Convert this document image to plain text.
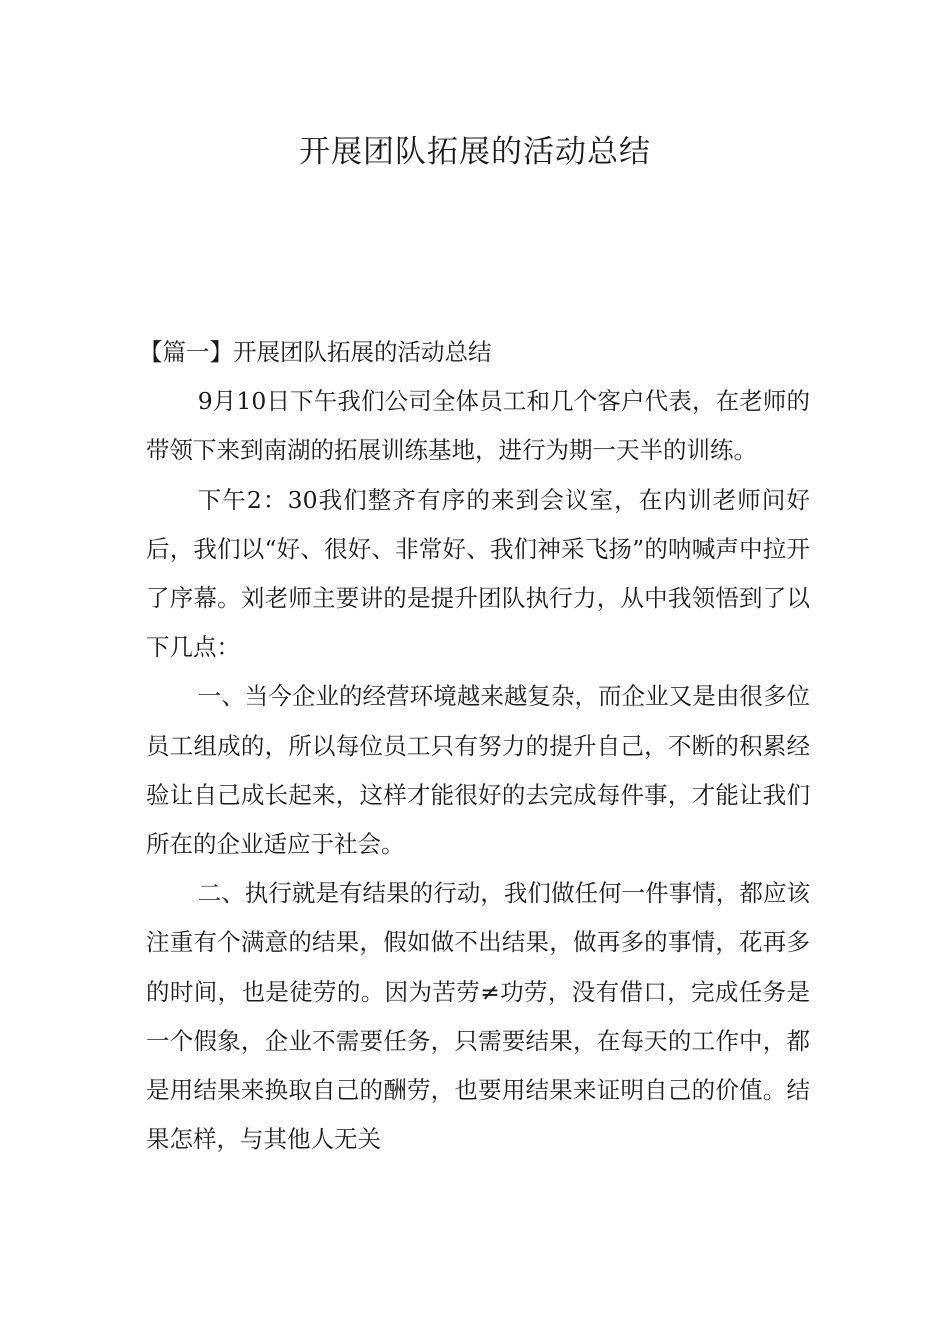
开展团队拓展的活动总结

【篇一】开展团队拓展的活动总结

9月10日下午我们公司全体员工和几个客户代表，在老师的带领下来到南湖的拓展训练基地，进行为期一天半的训练。

下午2：30我们整齐有序的来到会议室，在内训老师问好后，我们以“好、很好、非常好、我们神采飞扬”的呐喊声中拉开了序幕。刘老师主要讲的是提升团队执行力，从中我领悟到了以下几点：

一、当今企业的经营环境越来越复杂，而企业又是由很多位员工组成的，所以每位员工只有努力的提升自己，不断的积累经验让自己成长起来，这样才能很好的去完成每件事，才能让我们所在的企业适应于社会。

二、执行就是有结果的行动，我们做任何一件事情，都应该注重有个满意的结果，假如做不出结果，做再多的事情，花再多的时间，也是徒劳的。因为苦劳≠功劳，没有借口，完成任务是一个假象，企业不需要任务，只需要结果，在每天的工作中，都是用结果来换取自己的酬劳，也要用结果来证明自己的价值。结果怎样，与其他人无关
